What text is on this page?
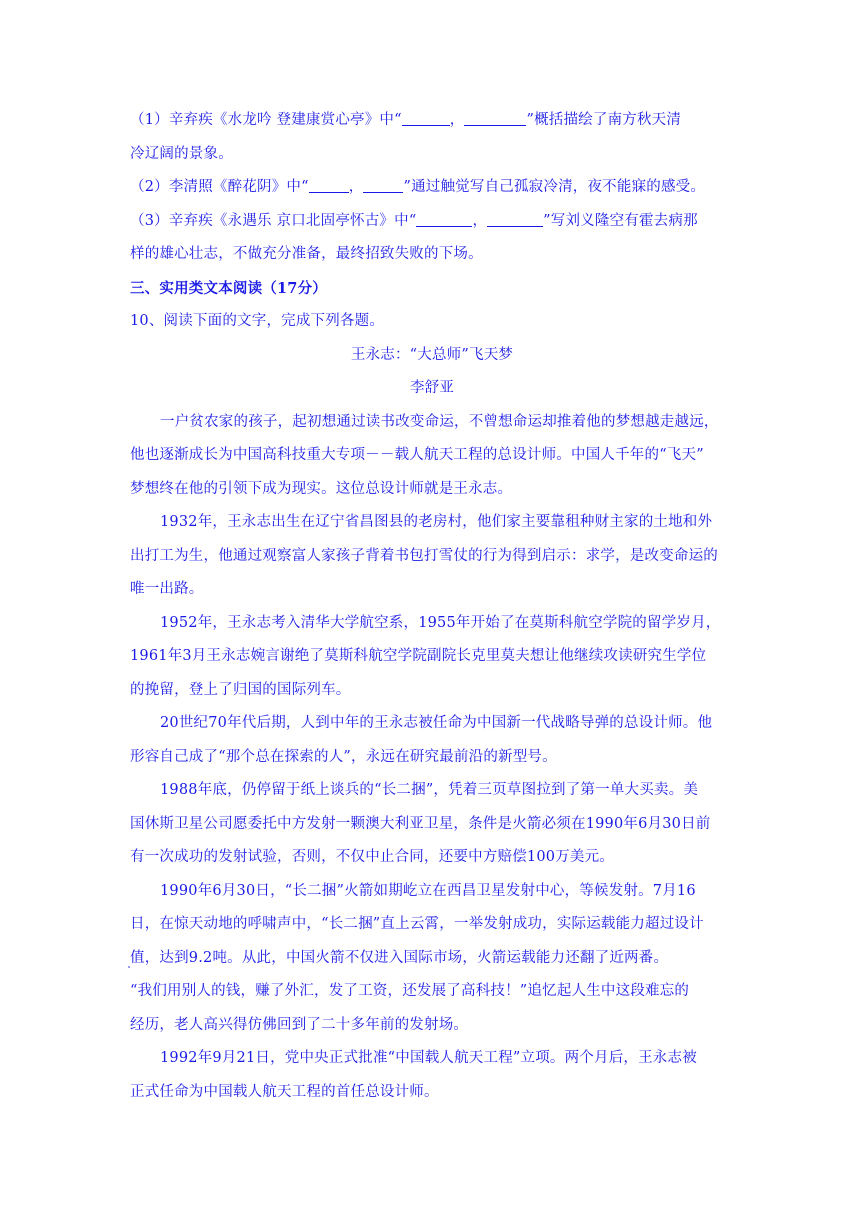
（1）辛弃疾《水龙吟 登建康赏心亭》中“	，	”概括描绘了南方秋天清
冷辽阔的景象。
（2）李清照《醉花阴》中“	，	”通过触觉写自己孤寂冷清，夜不能寐的感受。
（3）辛弃疾《永遇乐 京口北固亭怀古》中“	，	”写刘义隆空有霍去病那
样的雄心壮志，不做充分准备，最终招致失败的下场。
三、实用类文本阅读（17分）
10、阅读下面的文字，完成下列各题。
王永志：“大总师”飞天梦
李舒亚
一户贫农家的孩子，起初想通过读书改变命运，不曾想命运却推着他的梦想越走越远，
他也逐渐成长为中国高科技重大专项－－载人航天工程的总设计师。中国人千年的“飞天”
梦想终在他的引领下成为现实。这位总设计师就是王永志。
1932年，王永志出生在辽宁省昌图县的老房村，他们家主要靠租种财主家的土地和外
出打工为生，他通过观察富人家孩子背着书包打雪仗的行为得到启示：求学，是改变命运的
唯一出路。
1952年，王永志考入清华大学航空系，1955年开始了在莫斯科航空学院的留学岁月，
1961年3月王永志婉言谢绝了莫斯科航空学院副院长克里莫夫想让他继续攻读研究生学位
的挽留，登上了归国的国际列车。
20世纪70年代后期，人到中年的王永志被任命为中国新一代战略导弹的总设计师。他
形容自己成了“那个总在探索的人”，永远在研究最前沿的新型号。
1988年底，仍停留于纸上谈兵的“长二捆”，凭着三页草图拉到了第一单大买卖。美
国休斯卫星公司愿委托中方发射一颗澳大利亚卫星，条件是火箭必须在1990年6月30日前
有一次成功的发射试验，否则，不仅中止合同，还要中方赔偿100万美元。
1990年6月30日，“长二捆”火箭如期屹立在西昌卫星发射中心，等候发射。7月16
日，在惊天动地的呼啸声中，“长二捆”直上云霄，一举发射成功，实际运载能力超过设计
值，达到9.2吨。从此，中国火箭不仅进入国际市场，火箭运载能力还翻了近两番。
“我们用别人的钱，赚了外汇，发了工资，还发展了高科技！”追忆起人生中这段难忘的
经历，老人高兴得仿佛回到了二十多年前的发射场。
1992年9月21日，党中央正式批准“中国载人航天工程”立项。两个月后，王永志被
正式任命为中国载人航天工程的首任总设计师。
